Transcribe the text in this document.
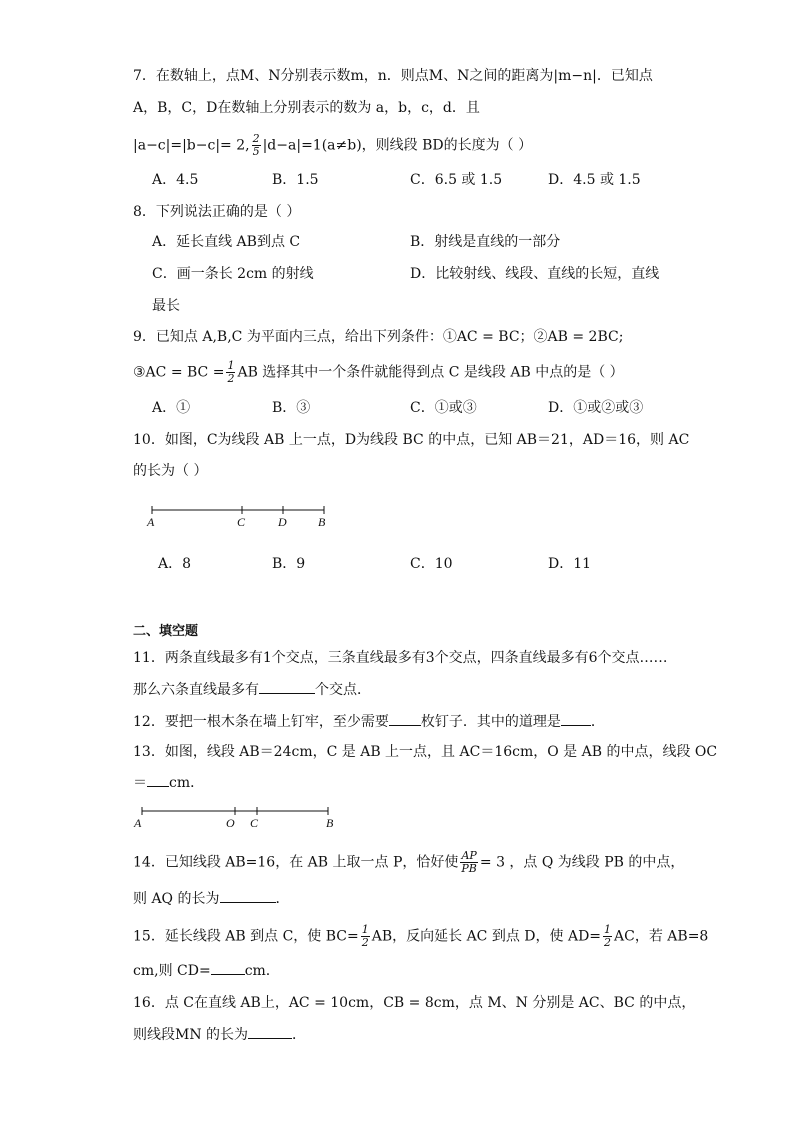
7．在数轴上，点M、N分别表示数m，n．则点M、N之间的距离为|m−n|．已知点
A，B，C，D在数轴上分别表示的数为 a，b，c，d．且
|a−c|=|b−c|= 2, $\frac{2}{5} |d-a|=1(a\ne b)$，则线段 BD的长度为（ ）
A．4.5	B．1.5	C．6.5 或 1.5	D．4.5 或 1.5
8．下列说法正确的是（ ）
A．延长直线 AB到点 C	B．射线是直线的一部分
C．画一条长 2cm 的射线	D．比较射线、线段、直线的长短，直线
最长
9．已知点 A,B,C 为平面内三点，给出下列条件：①AC = BC；②AB = 2BC;
③AC = BC = $\frac{1}{2}$ AB 选择其中一个条件就能得到点 C 是线段 AB 中点的是（ ）
A．①	B．③	C．①或③	D．①或②或③
10．如图，C为线段 AB 上一点，D为线段 BC 的中点，已知 AB＝21，AD＝16，则 AC
的长为（ ）
A	C	D	B
A．8	B．9	C．10	D．11
二、填空题
11．两条直线最多有1个交点，三条直线最多有3个交点，四条直线最多有6个交点……
那么六条直线最多有	个交点．
12．要把一根木条在墙上钉牢，至少需要 枚钉子．其中的道理是 ．
13．如图，线段 AB＝24cm，C 是 AB 上一点，且 AC＝16cm，O 是 AB 的中点，线段 OC
＝ cm．
A	O C	B
14．已知线段 AB=16，在 AB 上取一点 P，恰好使 $\frac{AP}{PB} = 3$ ，点 Q 为线段 PB 的中点，
则 AQ 的长为	．
15．延长线段 AB 到点 C，使 $BC= \frac{1}{2}$ AB，反向延长 AC 到点 D，使 $AD= \frac{1}{2}$ AC，若 AB=8
cm,则 CD= cm.
16．点 C在直线 AB上，AC = 10cm，CB = 8cm，点 M、N 分别是 AC、BC 的中点，
则线段MN 的长为	．
